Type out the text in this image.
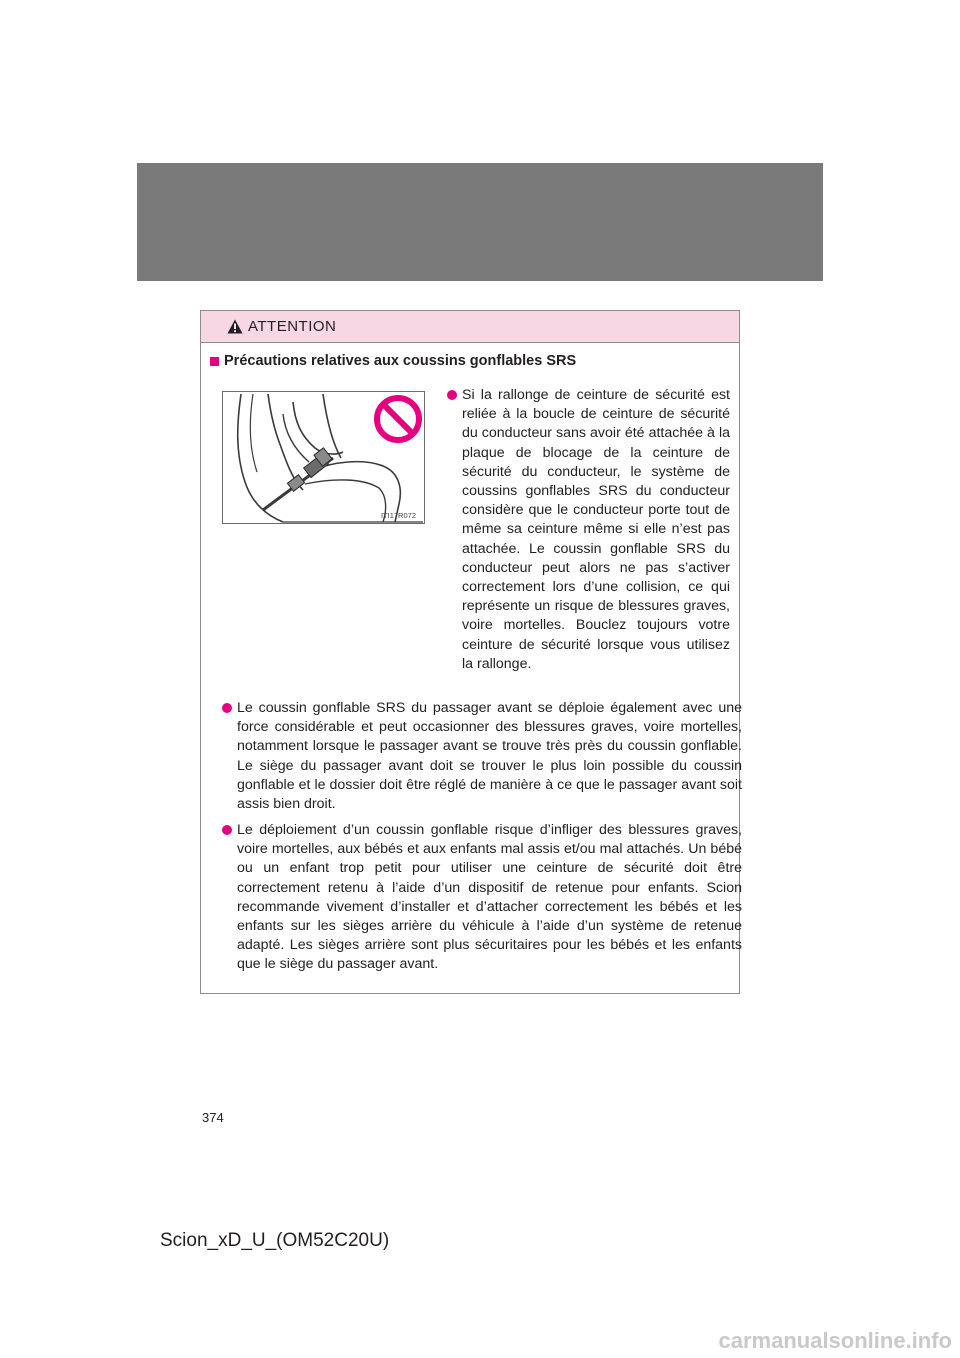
ATTENTION
Précautions relatives aux coussins gonflables SRS
ITI17R072
Si la rallonge de ceinture de sécurité est reliée à la boucle de ceinture de sécurité du conducteur sans avoir été attachée à la plaque de blocage de la ceinture de sécurité du conducteur, le système de coussins gonflables SRS du conducteur considère que le conducteur porte tout de même sa ceinture même si elle n’est pas attachée. Le coussin gonflable SRS du conducteur peut alors ne pas s’activer correctement lors d’une collision, ce qui représente un risque de blessures graves, voire mortelles. Bouclez toujours votre ceinture de sécurité lorsque vous utilisez la rallonge.
Le coussin gonflable SRS du passager avant se déploie également avec une force considérable et peut occasionner des blessures graves, voire mortelles, notamment lorsque le passager avant se trouve très près du coussin gonflable. Le siège du passager avant doit se trouver le plus loin possible du coussin gonflable et le dossier doit être réglé de manière à ce que le passager avant soit assis bien droit.
Le déploiement d’un coussin gonflable risque d’infliger des blessures graves, voire mortelles, aux bébés et aux enfants mal assis et/ou mal attachés. Un bébé ou un enfant trop petit pour utiliser une ceinture de sécurité doit être correctement retenu à l’aide d’un dispositif de retenue pour enfants. Scion recommande vivement d’installer et d’attacher correctement les bébés et les enfants sur les sièges arrière du véhicule à l’aide d’un système de retenue adapté. Les sièges arrière sont plus sécuritaires pour les bébés et les enfants que le siège du passager avant.
374
Scion_xD_U_(OM52C20U)
carmanualsonline.info
